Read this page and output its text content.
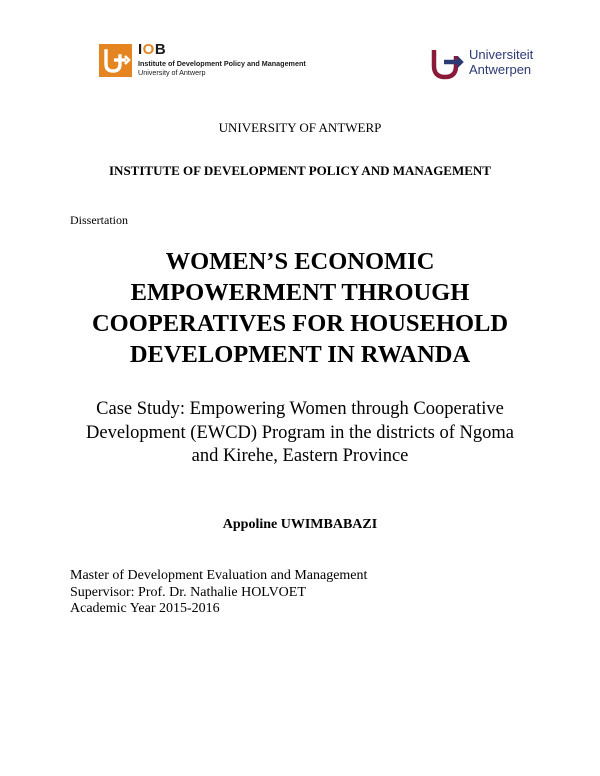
IOB
Institute of Development Policy and Management
University of Antwerp
Universiteit
Antwerpen
UNIVERSITY OF ANTWERP
INSTITUTE OF DEVELOPMENT POLICY AND MANAGEMENT
Dissertation
WOMEN’S ECONOMIC
EMPOWERMENT THROUGH
COOPERATIVES FOR HOUSEHOLD
DEVELOPMENT IN RWANDA
Case Study: Empowering Women through Cooperative
Development (EWCD) Program in the districts of Ngoma
and Kirehe, Eastern Province
Appoline UWIMBABAZI
Master of Development Evaluation and Management
Supervisor: Prof. Dr. Nathalie HOLVOET
Academic Year 2015-2016
